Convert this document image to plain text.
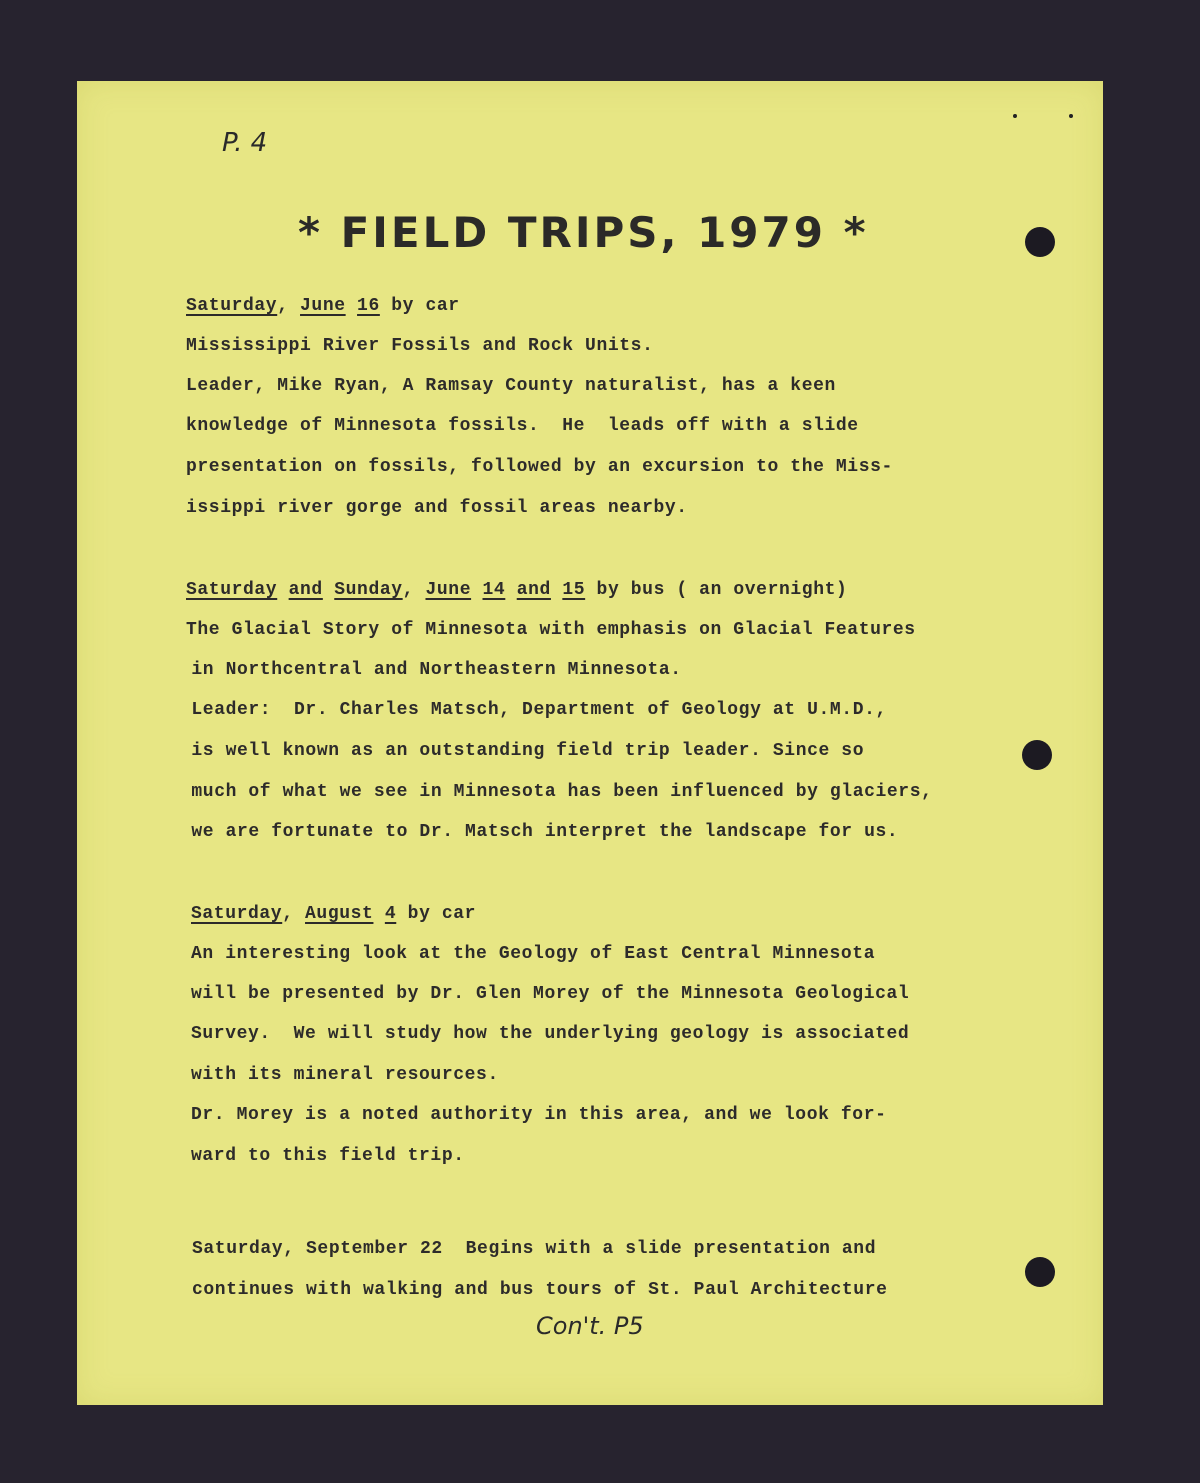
P. 4
* FIELD TRIPS, 1979 *
Saturday, June 16 by car
Mississippi River Fossils and Rock Units.
Leader, Mike Ryan, A Ramsay County naturalist, has a keen
knowledge of Minnesota fossils.  He  leads off with a slide
presentation on fossils, followed by an excursion to the Miss-
issippi river gorge and fossil areas nearby.
Saturday and Sunday, June 14 and 15 by bus ( an overnight)
The Glacial Story of Minnesota with emphasis on Glacial Features
in Northcentral and Northeastern Minnesota.
Leader:  Dr. Charles Matsch, Department of Geology at U.M.D.,
is well known as an outstanding field trip leader. Since so
much of what we see in Minnesota has been influenced by glaciers,
we are fortunate to Dr. Matsch interpret the landscape for us.
Saturday, August 4 by car
An interesting look at the Geology of East Central Minnesota
will be presented by Dr. Glen Morey of the Minnesota Geological
Survey.  We will study how the underlying geology is associated
with its mineral resources.
Dr. Morey is a noted authority in this area, and we look for-
ward to this field trip.
Saturday, September 22  Begins with a slide presentation and
continues with walking and bus tours of St. Paul Architecture
Con't. P5
